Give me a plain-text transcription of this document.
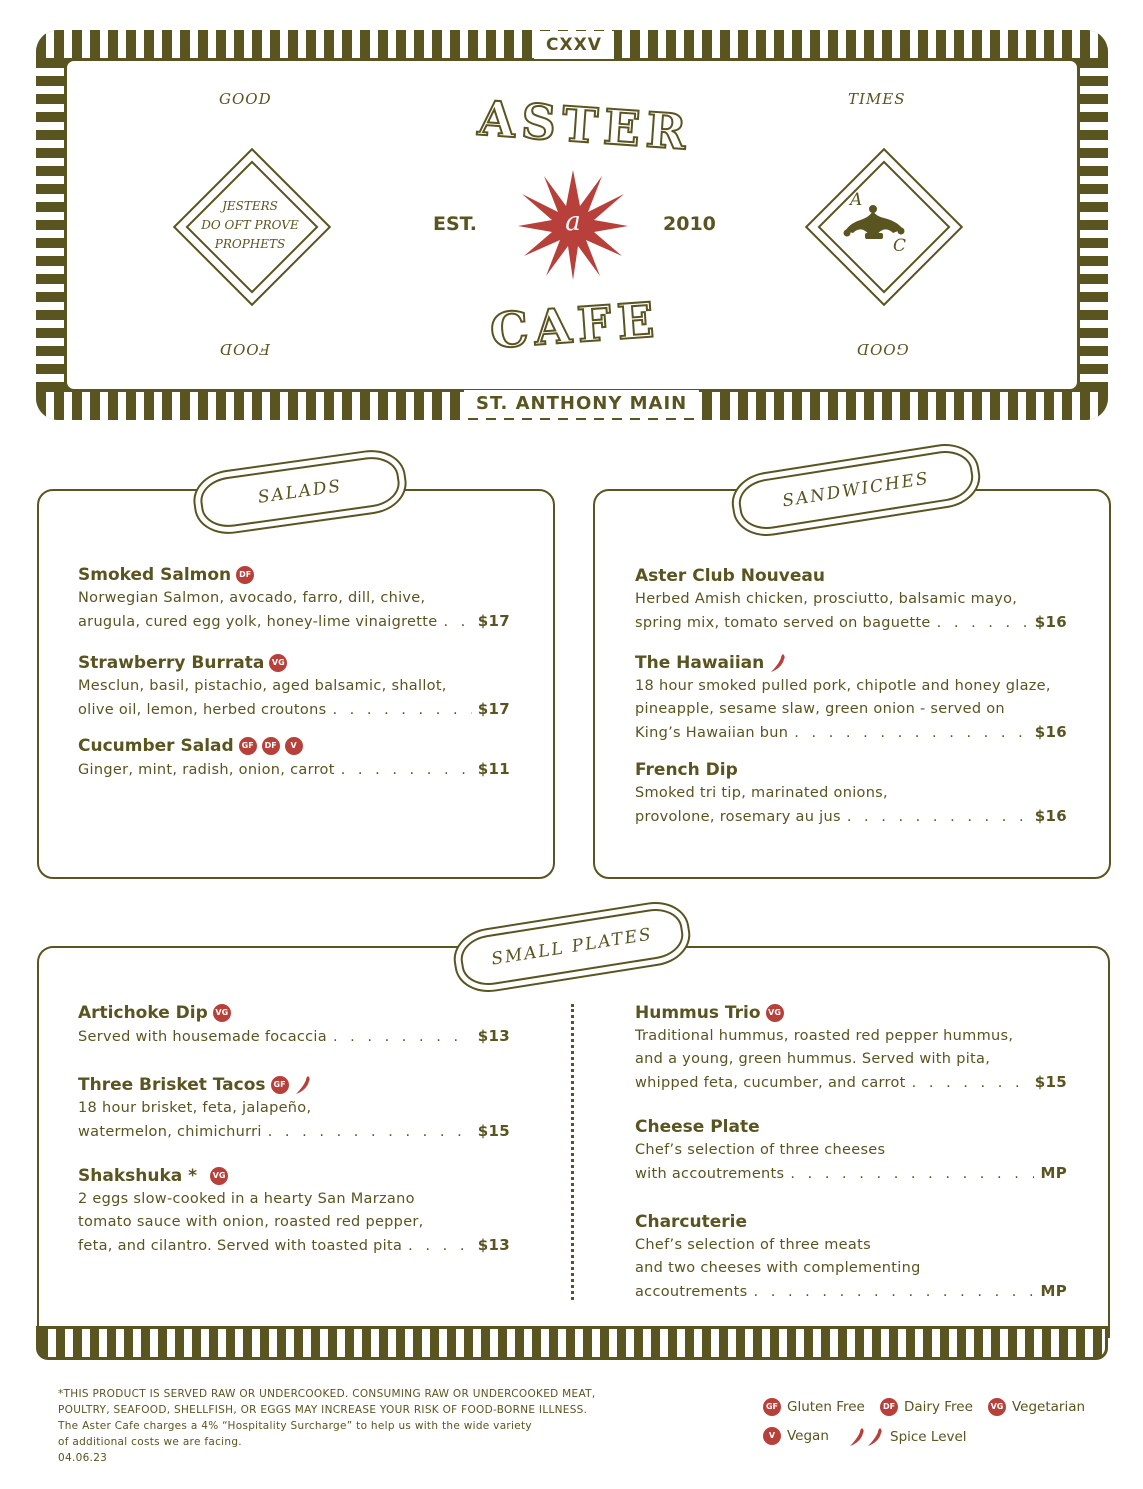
CXXV
ST. ANTHONY MAIN
GOOD	TIMES
FOOD	GOOD
JESTERS
DO OFT PROVE
PROPHETS
A
C
ASTER
CAFE
EST.	2010
a
SALADS
Smoked Salmon DF
Norwegian Salmon, avocado, farro, dill, chive,
arugula, cured egg yolk, honey-lime vinaigrette . . .	$17
Strawberry Burrata VG
Mesclun, basil, pistachio, aged balsamic, shallot,
olive oil, lemon, herbed croutons . . .	$17
Cucumber Salad GF	DF	V
Ginger, mint, radish, onion, carrot . . .	$11
SANDWICHES
Aster Club Nouveau
Herbed Amish chicken, prosciutto, balsamic mayo,
spring mix, tomato served on baguette . . .	$16
The Hawaiian
18 hour smoked pulled pork, chipotle and honey glaze,
pineapple, sesame slaw, green onion - served on
King’s Hawaiian bun . . .	$16
French Dip
Smoked tri tip, marinated onions,
provolone, rosemary au jus . . .	$16
SMALL PLATES
Artichoke Dip VG
Served with housemade focaccia . . .	$13
Three Brisket Tacos GF
18 hour brisket, feta, jalapeño,
watermelon, chimichurri . . .	$15
Shakshuka *	VG
2 eggs slow-cooked in a hearty San Marzano
tomato sauce with onion, roasted red pepper,
feta, and cilantro. Served with toasted pita . . .	$13
Hummus Trio VG
Traditional hummus, roasted red pepper hummus,
and a young, green hummus. Served with pita,
whipped feta, cucumber, and carrot . . .	$15
Cheese Plate
Chef’s selection of three cheeses
with accoutrements . . .	MP
Charcuterie
Chef’s selection of three meats
and two cheeses with complementing
accoutrements . . .	MP
*THIS PRODUCT IS SERVED RAW OR UNDERCOOKED. CONSUMING RAW OR UNDERCOOKED MEAT,
POULTRY, SEAFOOD, SHELLFISH, OR EGGS MAY INCREASE YOUR RISK OF FOOD-BORNE ILLNESS.
The Aster Cafe charges a 4% “Hospitality Surcharge” to help us with the wide variety
of additional costs we are facing.
04.06.23
GF Gluten Free	DF Dairy Free	VG Vegetarian
V Vegan	Spice Level
